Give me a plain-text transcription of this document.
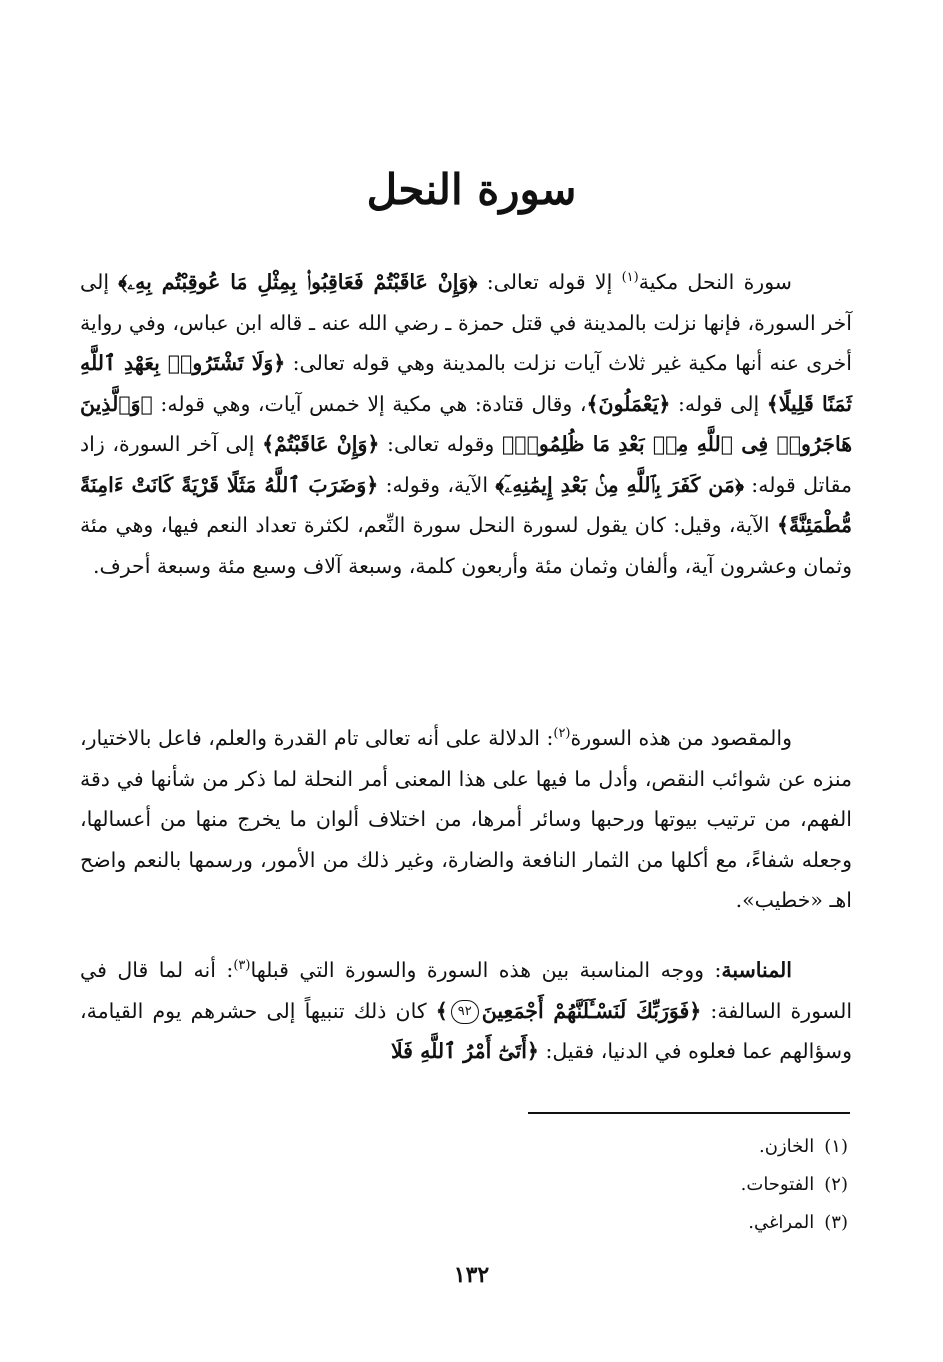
سورة النحل
سورة النحل مكية$^{(١)}$ إلا قوله تعالى: ﴿وَإِنْ عَاقَبْتُمْ فَعَاقِبُوا۟ بِمِثْلِ مَا عُوقِبْتُم بِهِۦ﴾ إلى آخر السورة، فإنها نزلت بالمدينة في قتل حمزة ـ رضي الله عنه ـ قاله ابن عباس، وفي رواية أخرى عنه أنها مكية غير ثلاث آيات نزلت بالمدينة وهي قوله تعالى: ﴿وَلَا تَشْتَرُوا۟ بِعَهْدِ ٱللَّهِ ثَمَنًا قَلِيلًا﴾ إلى قوله: ﴿يَعْمَلُونَ﴾، وقال قتادة: هي مكية إلا خمس آيات، وهي قوله: ﴿وَٱلَّذِينَ هَاجَرُوا۟ فِى ٱللَّهِ مِنۢ بَعْدِ مَا ظُلِمُوا۟﴾ وقوله تعالى: ﴿وَإِنْ عَاقَبْتُمْ﴾ إلى آخر السورة، زاد مقاتل قوله: ﴿مَن كَفَرَ بِٱللَّهِ مِنۢ بَعْدِ إِيمَٰنِهِۦٓ﴾ الآية، وقوله: ﴿وَضَرَبَ ٱللَّهُ مَثَلًا قَرْيَةً كَانَتْ ءَامِنَةً مُّطْمَئِنَّةً﴾ الآية، وقيل: كان يقول لسورة النحل سورة النِّعم، لكثرة تعداد النعم فيها، وهي مئة وثمان وعشرون آية، وألفان وثمان مئة وأربعون كلمة، وسبعة آلاف وسبع مئة وسبعة أحرف.
والمقصود من هذه السورة$^{(٢)}$: الدلالة على أنه تعالى تام القدرة والعلم، فاعل بالاختيار، منزه عن شوائب النقص، وأدل ما فيها على هذا المعنى أمر النحلة لما ذكر من شأنها في دقة الفهم، من ترتيب بيوتها ورحبها وسائر أمرها، من اختلاف ألوان ما يخرج منها من أعسالها، وجعله شفاءً، مع أكلها من الثمار النافعة والضارة، وغير ذلك من الأمور، ورسمها بالنعم واضح اهـ «خطيب».
المناسبة: ووجه المناسبة بين هذه السورة والسورة التي قبلها$^{(٣)}$: أنه لما قال في السورة السالفة: ﴿فَوَرَبِّكَ لَنَسْـَٔلَنَّهُمْ أَجْمَعِينَ٩٢﴾ كان ذلك تنبيهاً إلى حشرهم يوم القيامة، وسؤالهم عما فعلوه في الدنيا، فقيل: ﴿أَتَىٰٓ أَمْرُ ٱللَّهِ فَلَا
(١)الخازن.
(٢)الفتوحات.
(٣)المراغي.
١٣٢
